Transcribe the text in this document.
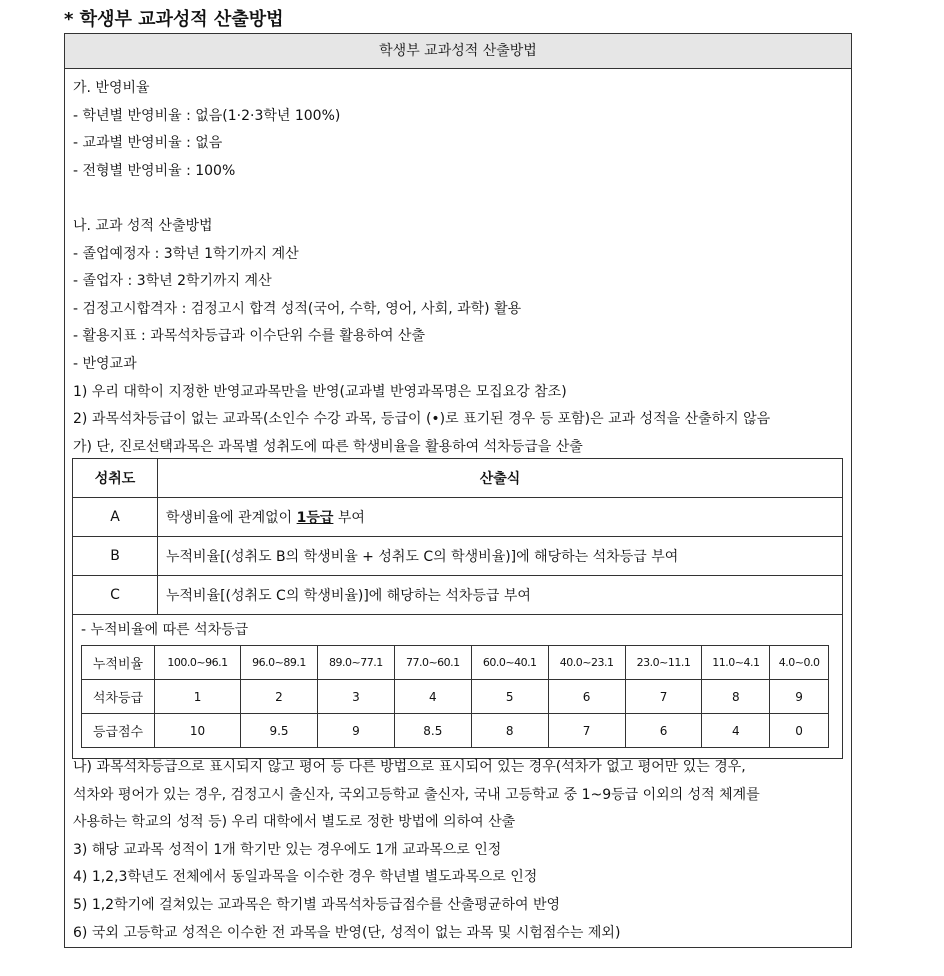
* 학생부 교과성적 산출방법
학생부 교과성적 산출방법
가. 반영비율
- 학년별 반영비율 : 없음(1·2·3학년 100%)
- 교과별 반영비율 : 없음
- 전형별 반영비율 : 100%
나. 교과 성적 산출방법
- 졸업예정자 : 3학년 1학기까지 계산
- 졸업자 : 3학년 2학기까지 계산
- 검정고시합격자 : 검정고시 합격 성적(국어, 수학, 영어, 사회, 과학) 활용
- 활용지표 : 과목석차등급과 이수단위 수를 활용하여 산출
- 반영교과
1) 우리 대학이 지정한 반영교과목만을 반영(교과별 반영과목명은 모집요강 참조)
2) 과목석차등급이 없는 교과목(소인수 수강 과목, 등급이 (•)로 표기된 경우 등 포함)은 교과 성적을 산출하지 않음
가) 단, 진로선택과목은 과목별 성취도에 따른 학생비율을 활용하여 석차등급을 산출
성취도	산출식
A	학생비율에 관계없이 1등급 부여
B	누적비율[(성취도 B의 학생비율 + 성취도 C의 학생비율)]에 해당하는 석차등급 부여
C	누적비율[(성취도 C의 학생비율)]에 해당하는 석차등급 부여

- 누적비율에 따른 석차등급
누적비율	100.0~96.1	96.0~89.1	89.0~77.1	77.0~60.1	60.0~40.1	40.0~23.1	23.0~11.1	11.0~4.1	4.0~0.0
석차등급	1	2	3	4	5	6	7	8	9
등급점수	10	9.5	9	8.5	8	7	6	4	0
나) 과목석차등급으로 표시되지 않고 평어 등 다른 방법으로 표시되어 있는 경우(석차가 없고 평어만 있는 경우,
석차와 평어가 있는 경우, 검정고시 출신자, 국외고등학교 출신자, 국내 고등학교 중 1~9등급 이외의 성적 체계를
사용하는 학교의 성적 등) 우리 대학에서 별도로 정한 방법에 의하여 산출
3) 해당 교과목 성적이 1개 학기만 있는 경우에도 1개 교과목으로 인정
4) 1,2,3학년도 전체에서 동일과목을 이수한 경우 학년별 별도과목으로 인정
5) 1,2학기에 걸쳐있는 교과목은 학기별 과목석차등급점수를 산출평균하여 반영
6) 국외 고등학교 성적은 이수한 전 과목을 반영(단, 성적이 없는 과목 및 시험점수는 제외)
